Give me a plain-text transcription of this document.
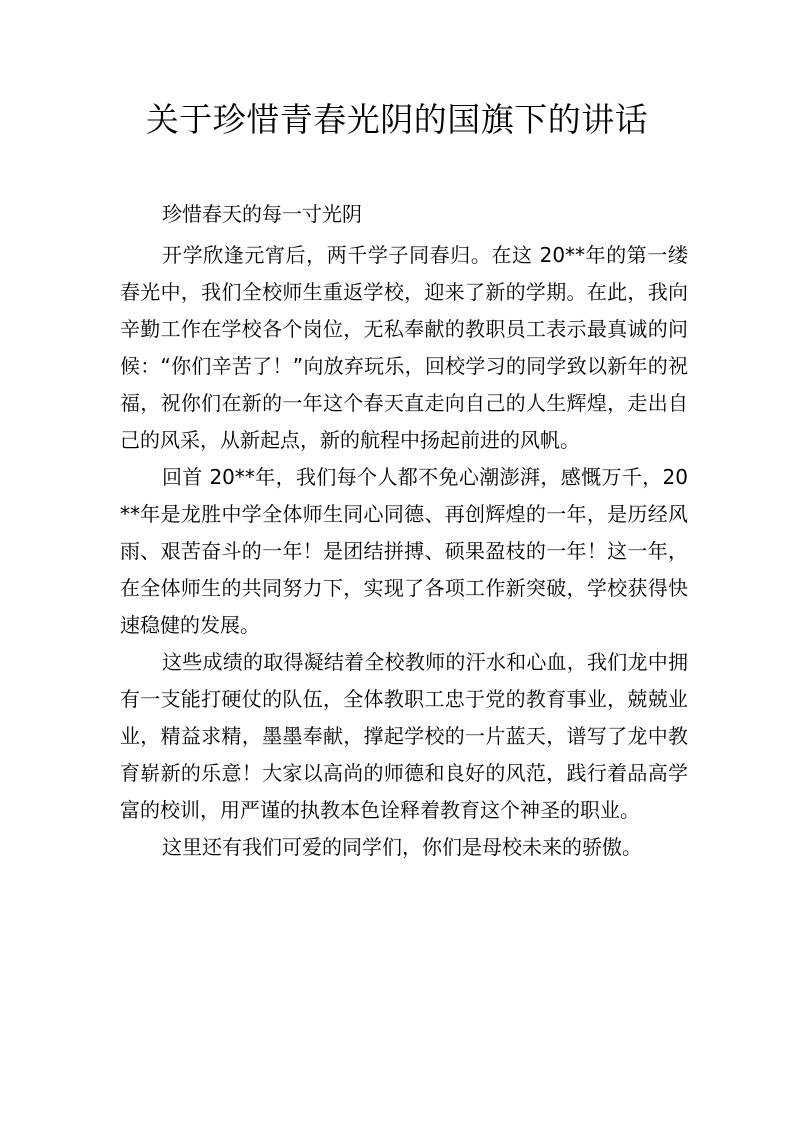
关于珍惜青春光阴的国旗下的讲话

珍惜春天的每一寸光阴

开学欣逢元宵后，两千学子同春归。在这 20**年的第一缕春光中，我们全校师生重返学校，迎来了新的学期。在此，我向辛勤工作在学校各个岗位，无私奉献的教职员工表示最真诚的问候：“你们辛苦了！”向放弃玩乐，回校学习的同学致以新年的祝福，祝你们在新的一年这个春天直走向自己的人生辉煌，走出自己的风采，从新起点，新的航程中扬起前进的风帆。

回首 20**年，我们每个人都不免心潮澎湃，感慨万千，20**年是龙胜中学全体师生同心同德、再创辉煌的一年，是历经风雨、艰苦奋斗的一年！是团结拼搏、硕果盈枝的一年！这一年，在全体师生的共同努力下，实现了各项工作新突破，学校获得快速稳健的发展。

这些成绩的取得凝结着全校教师的汗水和心血，我们龙中拥有一支能打硬仗的队伍，全体教职工忠于党的教育事业，兢兢业业，精益求精，墨墨奉献，撑起学校的一片蓝天，谱写了龙中教育崭新的乐意！大家以高尚的师德和良好的风范，践行着品高学富的校训，用严谨的执教本色诠释着教育这个神圣的职业。

这里还有我们可爱的同学们，你们是母校未来的骄傲。
